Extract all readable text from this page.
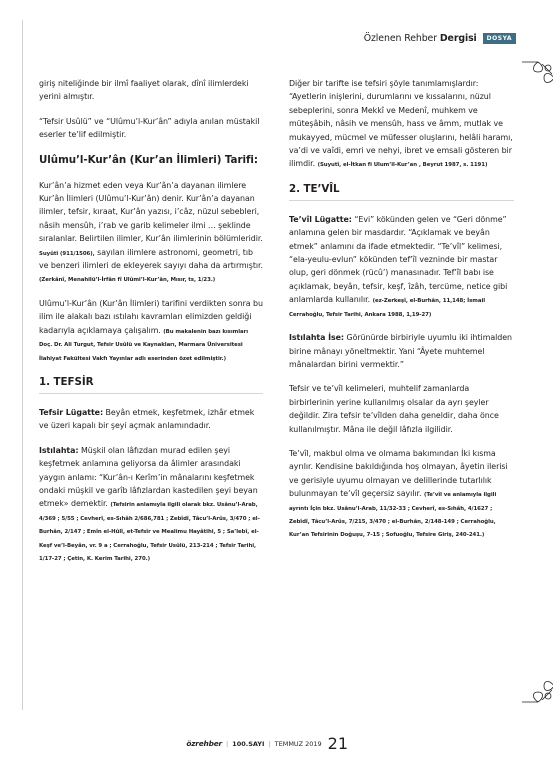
Özlenen Rehber Dergisi	DOSYA

giriş niteliğinde bir ilmî faaliyet olarak, dînî ilimlerdeki yerini almıştır.

“Tefsir Usûlü” ve “Ulûmu’l-Kur’ân” adıyla anılan müstakil eserler te’lif edilmiştir.

Ulûmu’l-Kur’ân (Kur’an İlimleri) Tarifi:

Kur’ân’a hizmet eden veya Kur’ân’a dayanan ilimlere Kur’ân İlimleri (Ulûmu’l-Kur’ân) denir. Kur’ân’a dayanan ilimler, tefsir, kıraat, Kur’ân yazısı, i’câz, nüzul sebebleri, nâsih mensûh, i’rab ve garib kelimeler ilmi … şeklinde sıralanlar. Belirtilen ilimler, Kur’ân ilimlerinin bölümleridir. Suyûtî (911/1506), sayılan ilimlere astronomi, geometri, tıb ve benzeri ilimleri de ekleyerek sayıyı daha da artırmıştır. (Zerkânî, Menahilü’l-İrfân fî Ulûmi’l-Kur’ân, Mısır, ts, 1/23.)

Ulûmu’l-Kur’ân (Kur’ân İlimleri) tarifini verdikten sonra bu ilim ile alakalı bazı ıstılahı kavramları elimizden geldiği kadarıyla açıklamaya çalışalım. (Bu makalenin bazı kısımları Doç. Dr. Ali Turgut, Tefsir Usûlü ve Kaynakları, Marmara Üniversitesi İlahiyat Fakültesi Vakfı Yayınlar adlı eserinden özet edilmiştir.)

1. TEFSİR

Tefsir Lügatte: Beyân etmek, keşfetmek, izhâr etmek ve üzeri kapalı bir şeyi açmak anlamındadır.

Istılahta: Müşkil olan lâfızdan murad edilen şeyi keşfetmek anlamına geliyorsa da âlimler arasındaki yaygın anlamı: “Kur’ân-ı Kerîm’in mânalarını keşfetmek ondaki müşkil ve garîb lâfızlardan kastedilen şeyi beyan etmek» demektir. (Tefsirin anlamıyla ilgili olarak bkz. Usânu’l-Arab, 4/369 ; 5/55 ; Cevherî, es-Sıhâh 2/686,781 ; Zebîdî, Tâcu’l-Arûs, 3/470 ; el-Burhân, 2/147 ; Emîn el-Hûlî, et-Tefsîr ve Mealimu Hayâtihi, 5 ; Sa’lebî, el-Keşf ve’l-Beyân, vr. 9 a ; Cerrahoğlu, Tefsir Usûlü, 213-214 ; Tefsir Tarihi, 1/17-27 ; Çetin, K. Kerim Tarihi, 270.)

Diğer bir tarifte ise tefsiri şöyle tanımlamışlardır: “Ayetlerin inişlerini, durumlarını ve kıssalarını, nüzul sebeplerini, sonra Mekkî ve Medenî, muhkem ve müteşâbih, nâsih ve mensûh, hass ve âmm, mutlak ve mukayyed, mücmel ve müfesser oluşlarını, helâli haramı, va’di ve vaîdi, emri ve nehyi, ibret ve emsali gösteren bir ilimdir. (Suyutî, el-İtkan fi Ulum’il-Kur’an , Beyrut 1987, s. 1191)

2. TE’VÎL

Te’vîl Lügatte: “Evi” kökünden gelen ve “Geri dönme” anlamına gelen bir masdardır. “Açıklamak ve beyân etmek” anlamını da ifade etmektedir. “Te’vîl” kelimesi, “ela-yeulu-evlun” kökünden tef’îl vezninde bir mastar olup, geri dönmek (rücû’) manasınadır. Tef’îl babı ise açıklamak, beyân, tefsir, keşf, îzâh, tercüme, netice gibi anlamlarda kullanılır. (ez-Zerkeşî, el-Burhân, 11,148; İsmail Cerrahoğlu, Tefsir Tarihi, Ankara 1988, 1,19-27)

Istılahta İse: Görünürde birbiriyle uyumlu iki ihtimalden birine mânayı yöneltmektir. Yani “Âyete muhtemel mânalardan birini vermektir.”

Tefsir ve te’vîl kelimeleri, muhtelif zamanlarda birbirlerinin yerine kullanılmış olsalar da ayrı şeyler değildir. Zira tefsir te’vîlden daha geneldir, daha önce kullanılmıştır. Mâna ile değil lâfızla ilgilidir.

Te’vîl, makbul olma ve olmama bakımından İki kısma ayrılır. Kendisine bakıldığında hoş olmayan, âyetin ilerisi ve gerisiyle uyumu olmayan ve delillerinde tutarlılık bulunmayan te’vîl geçersiz sayılır. (Te’vîl ve anlamıyla ilgili ayrıntı İçin bkz. Usânu’l-Arab, 11/32-33 ; Cevherî, es-Sıhâh, 4/1627 ; Zebîdî, Tâcu’l-Arûs, 7/215, 3/470 ; el-Burhân, 2/148-149 ; Cerrahoğlu, Kur’an Tefsirinin Doğuşu, 7-15 ; Sofuoğlu, Tefsire Giriş, 240-241.)

özrehber | 100.SAYI | TEMMUZ 2019 21
